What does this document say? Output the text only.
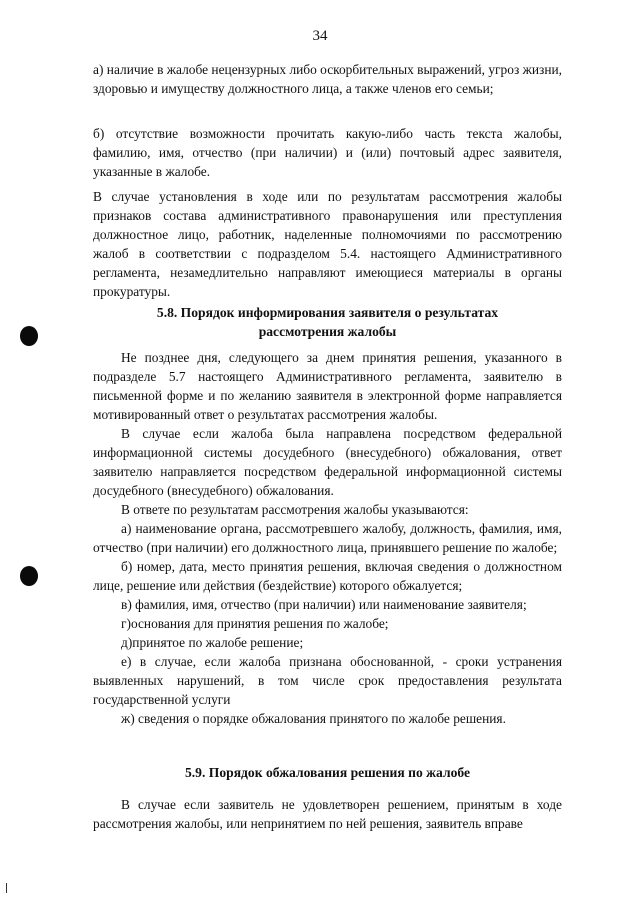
34
а) наличие в жалобе нецензурных либо оскорбительных выражений, угроз жизни, здоровью и имуществу должностного лица, а также членов его семьи;
б) отсутствие возможности прочитать какую-либо часть текста жалобы, фамилию, имя, отчество (при наличии) и (или) почтовый адрес заявителя, указанные в жалобе.
В случае установления в ходе или по результатам рассмотрения жалобы признаков состава административного правонарушения или преступления должностное лицо, работник, наделенные полномочиями по рассмотрению жалоб в соответствии с подразделом 5.4. настоящего Административного регламента, незамедлительно направляют имеющиеся материалы в органы прокуратуры.
5.8. Порядок информирования заявителя о результатах
рассмотрения жалобы
Не позднее дня, следующего за днем принятия решения, указанного в подразделе 5.7 настоящего Административного регламента, заявителю в письменной форме и по желанию заявителя в электронной форме направляется мотивированный ответ о результатах рассмотрения жалобы.
В случае если жалоба была направлена посредством федеральной информационной системы досудебного (внесудебного) обжалования, ответ заявителю направляется посредством федеральной информационной системы досудебного (внесудебного) обжалования.
В ответе по результатам рассмотрения жалобы указываются:
а) наименование органа, рассмотревшего жалобу, должность, фамилия, имя, отчество (при наличии) его должностного лица, принявшего решение по жалобе;
б) номер, дата, место принятия решения, включая сведения о должностном лице, решение или действия (бездействие) которого обжалуется;
в) фамилия, имя, отчество (при наличии) или наименование заявителя;
г)основания для принятия решения по жалобе;
д)принятое по жалобе решение;
е) в случае, если жалоба признана обоснованной, - сроки устранения выявленных нарушений, в том числе срок предоставления результата государственной услуги
ж) сведения о порядке обжалования принятого по жалобе решения.
5.9. Порядок обжалования решения по жалобе
В случае если заявитель не удовлетворен решением, принятым в ходе рассмотрения жалобы, или непринятием по ней решения, заявитель вправе
